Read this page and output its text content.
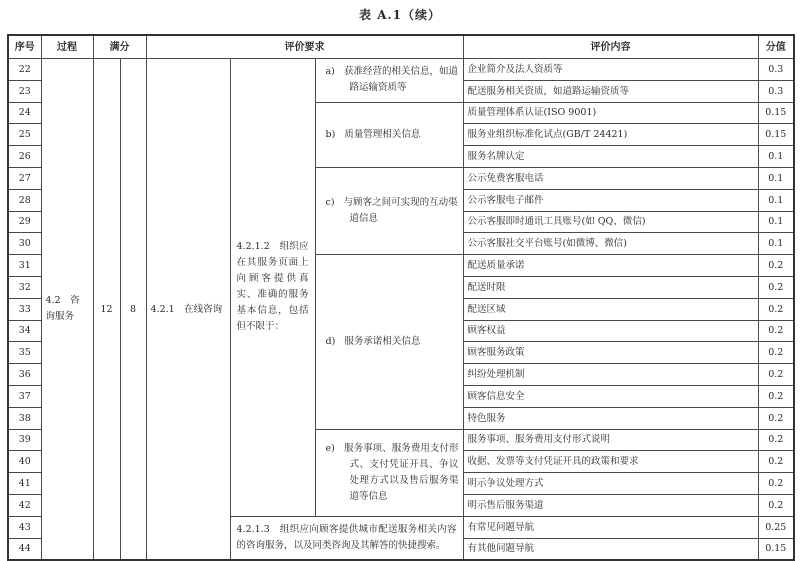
表 A.1（续）
序号	过程	满分		评价要求			评价内容	分值
22	4.2　咨询服务	12	8	4.2.1　在线咨询	4.2.1.2　组织应在其服务页面上向顾客提供真实、准确的服务基本信息，包括但不限于：	a) 获准经营的相关信息，如道路运输资质等	企业简介及法人资质等	0.3
23							配送服务相关资质，如道路运输资质等	0.3
24						b) 质量管理相关信息	质量管理体系认证(ISO 9001)	0.15
25							服务业组织标准化试点(GB/T 24421)	0.15
26							服务名牌认定	0.1
27						c) 与顾客之间可实现的互动渠道信息	公示免费客服电话	0.1
28							公示客服电子邮件	0.1
29							公示客服即时通讯工具账号(如 QQ、微信)	0.1
30							公示客服社交平台账号(如微博、微信)	0.1
31						d) 服务承诺相关信息	配送质量承诺	0.2
32							配送时限	0.2
33							配送区域	0.2
34							顾客权益	0.2
35							顾客服务政策	0.2
36							纠纷处理机制	0.2
37							顾客信息安全	0.2
38							特色服务	0.2
39						e) 服务事项、服务费用支付形式、支付凭证开具、争议处理方式以及售后服务渠道等信息	服务事项、服务费用支付形式说明	0.2
40							收据、发票等支付凭证开具的政策和要求	0.2
41							明示争议处理方式	0.2
42							明示售后服务渠道	0.2
43					4.2.1.3　组织应向顾客提供城市配送服务相关内容的咨询服务，以及同类咨询及其解答的快捷搜索。		有常见问题导航	0.25
44							有其他问题导航	0.15
